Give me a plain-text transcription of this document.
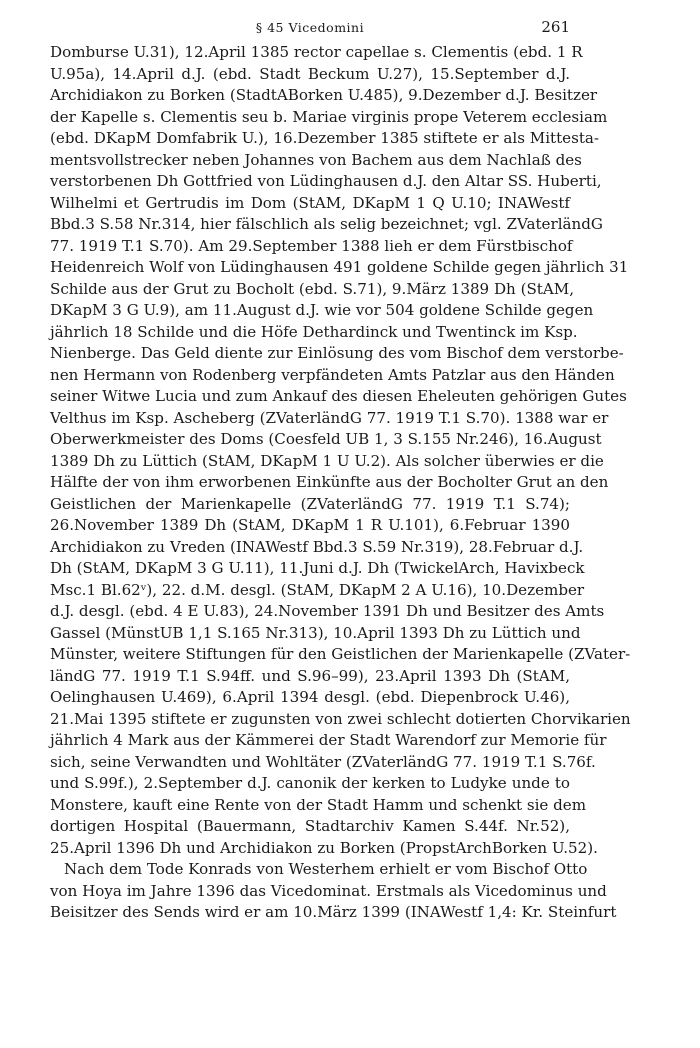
§ 45 Vicedomini	261
Domburse U.31), 12.April 1385 rector capellae s. Clementis (ebd. 1 R
U.95a), 14.April d.J. (ebd. Stadt Beckum U.27), 15.September d.J.
Archidiakon zu Borken (StadtABorken U.485), 9.Dezember d.J. Besitzer
der Kapelle s. Clementis seu b. Mariae virginis prope Veterem ecclesiam
(ebd. DKapM Domfabrik U.), 16.Dezember 1385 stiftete er als Mittesta-
mentsvollstrecker neben Johannes von Bachem aus dem Nachlaß des
verstorbenen Dh Gottfried von Lüdinghausen d.J. den Altar SS. Huberti,
Wilhelmi et Gertrudis im Dom (StAM, DKapM 1 Q U.10; INAWestf
Bbd.3 S.58 Nr.314, hier fälschlich als selig bezeichnet; vgl. ZVaterländG
77. 1919 T.1 S.70). Am 29.September 1388 lieh er dem Fürstbischof
Heidenreich Wolf von Lüdinghausen 491 goldene Schilde gegen jährlich 31
Schilde aus der Grut zu Bocholt (ebd. S.71), 9.März 1389 Dh (StAM,
DKapM 3 G U.9), am 11.August d.J. wie vor 504 goldene Schilde gegen
jährlich 18 Schilde und die Höfe Dethardinck und Twentinck im Ksp.
Nienberge. Das Geld diente zur Einlösung des vom Bischof dem verstorbe-
nen Hermann von Rodenberg verpfändeten Amts Patzlar aus den Händen
seiner Witwe Lucia und zum Ankauf des diesen Eheleuten gehörigen Gutes
Velthus im Ksp. Ascheberg (ZVaterländG 77. 1919 T.1 S.70). 1388 war er
Oberwerkmeister des Doms (Coesfeld UB 1, 3 S.155 Nr.246), 16.August
1389 Dh zu Lüttich (StAM, DKapM 1 U U.2). Als solcher überwies er die
Hälfte der von ihm erworbenen Einkünfte aus der Bocholter Grut an den
Geistlichen der Marienkapelle (ZVaterländG 77. 1919 T.1 S.74);
26.November 1389 Dh (StAM, DKapM 1 R U.101), 6.Februar 1390
Archidiakon zu Vreden (INAWestf Bbd.3 S.59 Nr.319), 28.Februar d.J.
Dh (StAM, DKapM 3 G U.11), 11.Juni d.J. Dh (TwickelArch, Havixbeck
Msc.1 Bl.62ᵛ), 22. d.M. desgl. (StAM, DKapM 2 A U.16), 10.Dezember
d.J. desgl. (ebd. 4 E U.83), 24.November 1391 Dh und Besitzer des Amts
Gassel (MünstUB 1,1 S.165 Nr.313), 10.April 1393 Dh zu Lüttich und
Münster, weitere Stiftungen für den Geistlichen der Marienkapelle (ZVater-
ländG 77. 1919 T.1 S.94ff. und S.96–99), 23.April 1393 Dh (StAM,
Oelinghausen U.469), 6.April 1394 desgl. (ebd. Diepenbrock U.46),
21.Mai 1395 stiftete er zugunsten von zwei schlecht dotierten Chorvikarien
jährlich 4 Mark aus der Kämmerei der Stadt Warendorf zur Memorie für
sich, seine Verwandten und Wohltäter (ZVaterländG 77. 1919 T.1 S.76f.
und S.99f.), 2.September d.J. canonik der kerken to Ludyke unde to
Monstere, kauft eine Rente von der Stadt Hamm und schenkt sie dem
dortigen Hospital (Bauermann, Stadtarchiv Kamen S.44f. Nr.52),
25.April 1396 Dh und Archidiakon zu Borken (PropstArchBorken U.52).
Nach dem Tode Konrads von Westerhem erhielt er vom Bischof Otto
von Hoya im Jahre 1396 das Vicedominat. Erstmals als Vicedominus und
Beisitzer des Sends wird er am 10.März 1399 (INAWestf 1,4: Kr. Steinfurt
